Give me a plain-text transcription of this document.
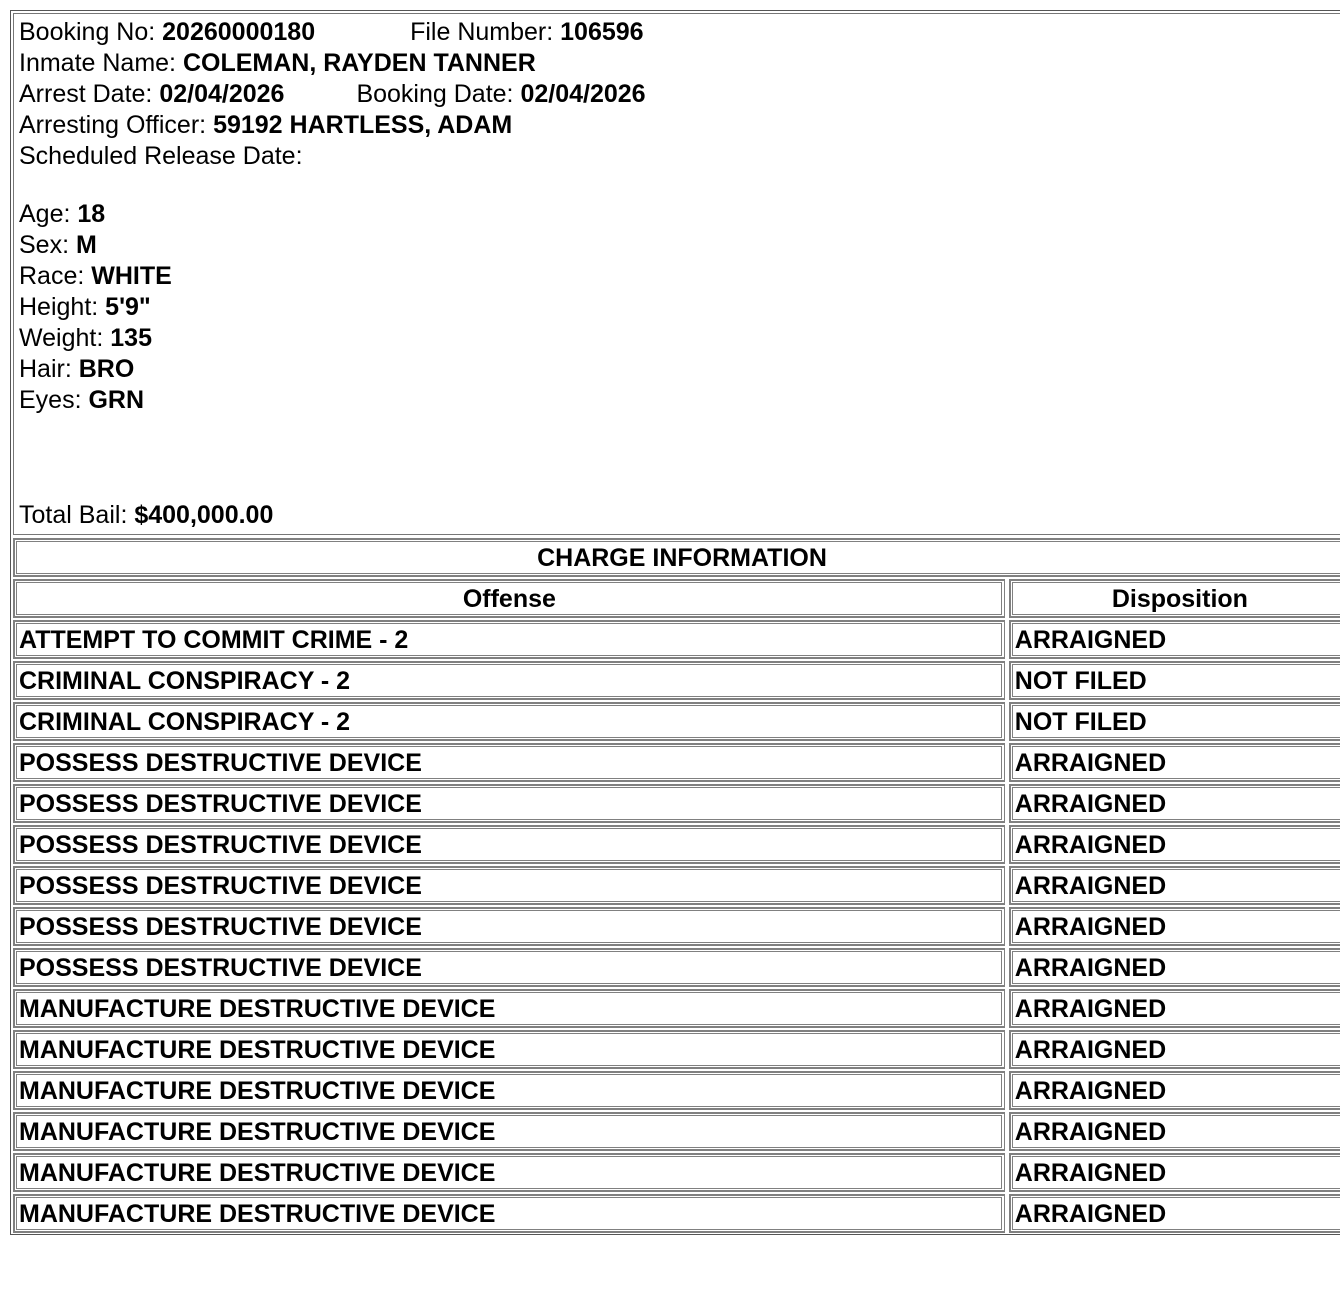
Booking No: 20260000180	File Number: 106596
Inmate Name: COLEMAN, RAYDEN TANNER
Arrest Date: 02/04/2026	Booking Date: 02/04/2026
Arresting Officer: 59192 HARTLESS, ADAM
Scheduled Release Date:
Age: 18
Sex: M
Race: WHITE
Height: 5'9"
Weight: 135
Hair: BRO
Eyes: GRN
Total Bail: $400,000.00
CHARGE INFORMATION
Offense	Disposition
ATTEMPT TO COMMIT CRIME - 2	ARRAIGNED
CRIMINAL CONSPIRACY - 2	NOT FILED
CRIMINAL CONSPIRACY - 2	NOT FILED
POSSESS DESTRUCTIVE DEVICE	ARRAIGNED
POSSESS DESTRUCTIVE DEVICE	ARRAIGNED
POSSESS DESTRUCTIVE DEVICE	ARRAIGNED
POSSESS DESTRUCTIVE DEVICE	ARRAIGNED
POSSESS DESTRUCTIVE DEVICE	ARRAIGNED
POSSESS DESTRUCTIVE DEVICE	ARRAIGNED
MANUFACTURE DESTRUCTIVE DEVICE	ARRAIGNED
MANUFACTURE DESTRUCTIVE DEVICE	ARRAIGNED
MANUFACTURE DESTRUCTIVE DEVICE	ARRAIGNED
MANUFACTURE DESTRUCTIVE DEVICE	ARRAIGNED
MANUFACTURE DESTRUCTIVE DEVICE	ARRAIGNED
MANUFACTURE DESTRUCTIVE DEVICE	ARRAIGNED
